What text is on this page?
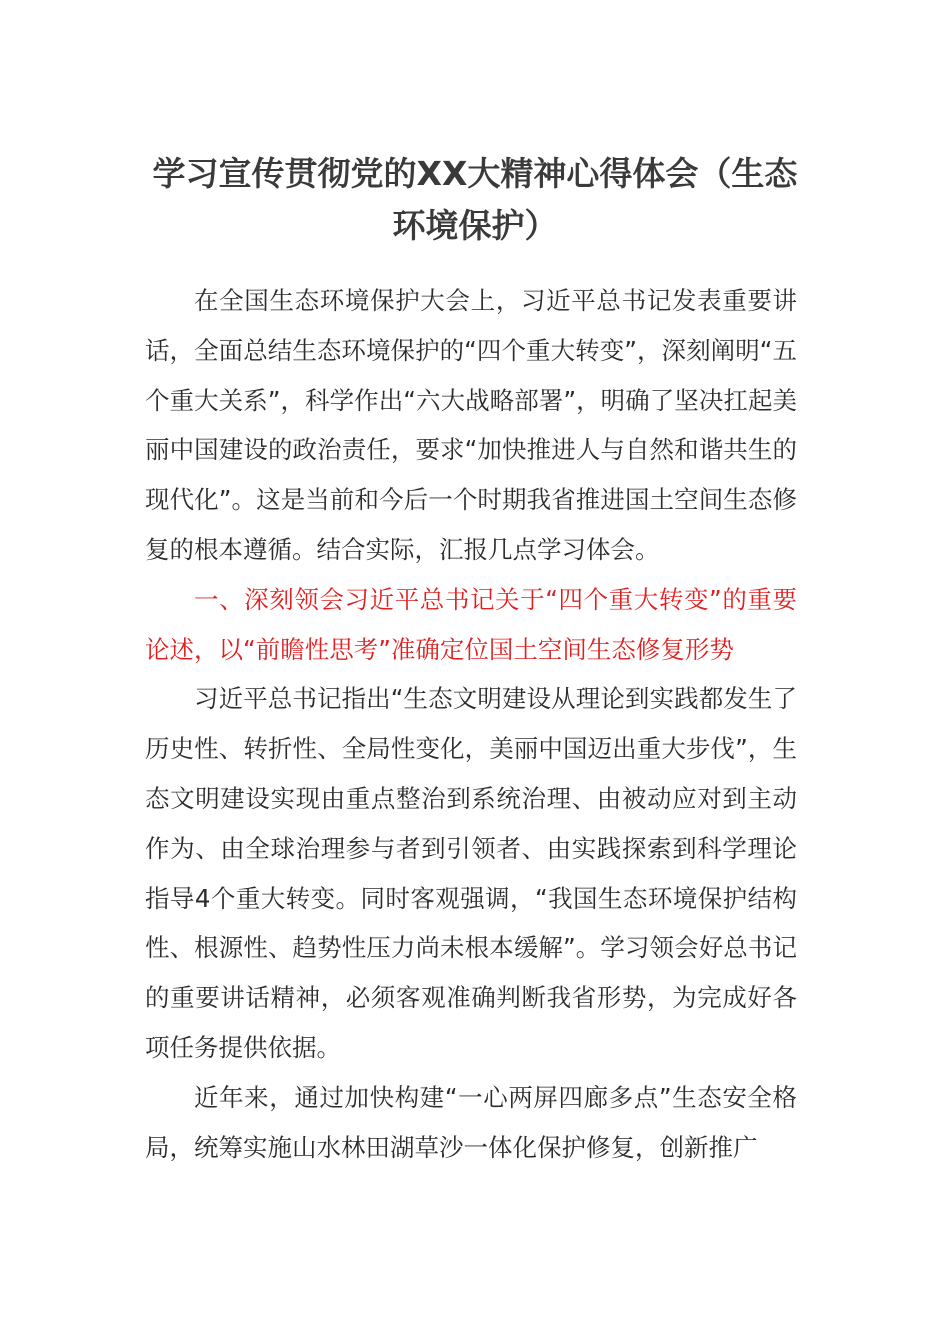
学习宣传贯彻党的XX大精神心得体会（生态环境保护）

在全国生态环境保护大会上，习近平总书记发表重要讲话，全面总结生态环境保护的“四个重大转变”，深刻阐明“五个重大关系”，科学作出“六大战略部署”，明确了坚决扛起美丽中国建设的政治责任，要求“加快推进人与自然和谐共生的现代化”。这是当前和今后一个时期我省推进国土空间生态修复的根本遵循。结合实际，汇报几点学习体会。

一、深刻领会习近平总书记关于“四个重大转变”的重要论述，以“前瞻性思考”准确定位国土空间生态修复形势

习近平总书记指出“生态文明建设从理论到实践都发生了历史性、转折性、全局性变化，美丽中国迈出重大步伐”，生态文明建设实现由重点整治到系统治理、由被动应对到主动作为、由全球治理参与者到引领者、由实践探索到科学理论指导4个重大转变。同时客观强调，“我国生态环境保护结构性、根源性、趋势性压力尚未根本缓解”。学习领会好总书记的重要讲话精神，必须客观准确判断我省形势，为完成好各项任务提供依据。

近年来，通过加快构建“一心两屏四廊多点”生态安全格局，统筹实施山水林田湖草沙一体化保护修复，创新推广
